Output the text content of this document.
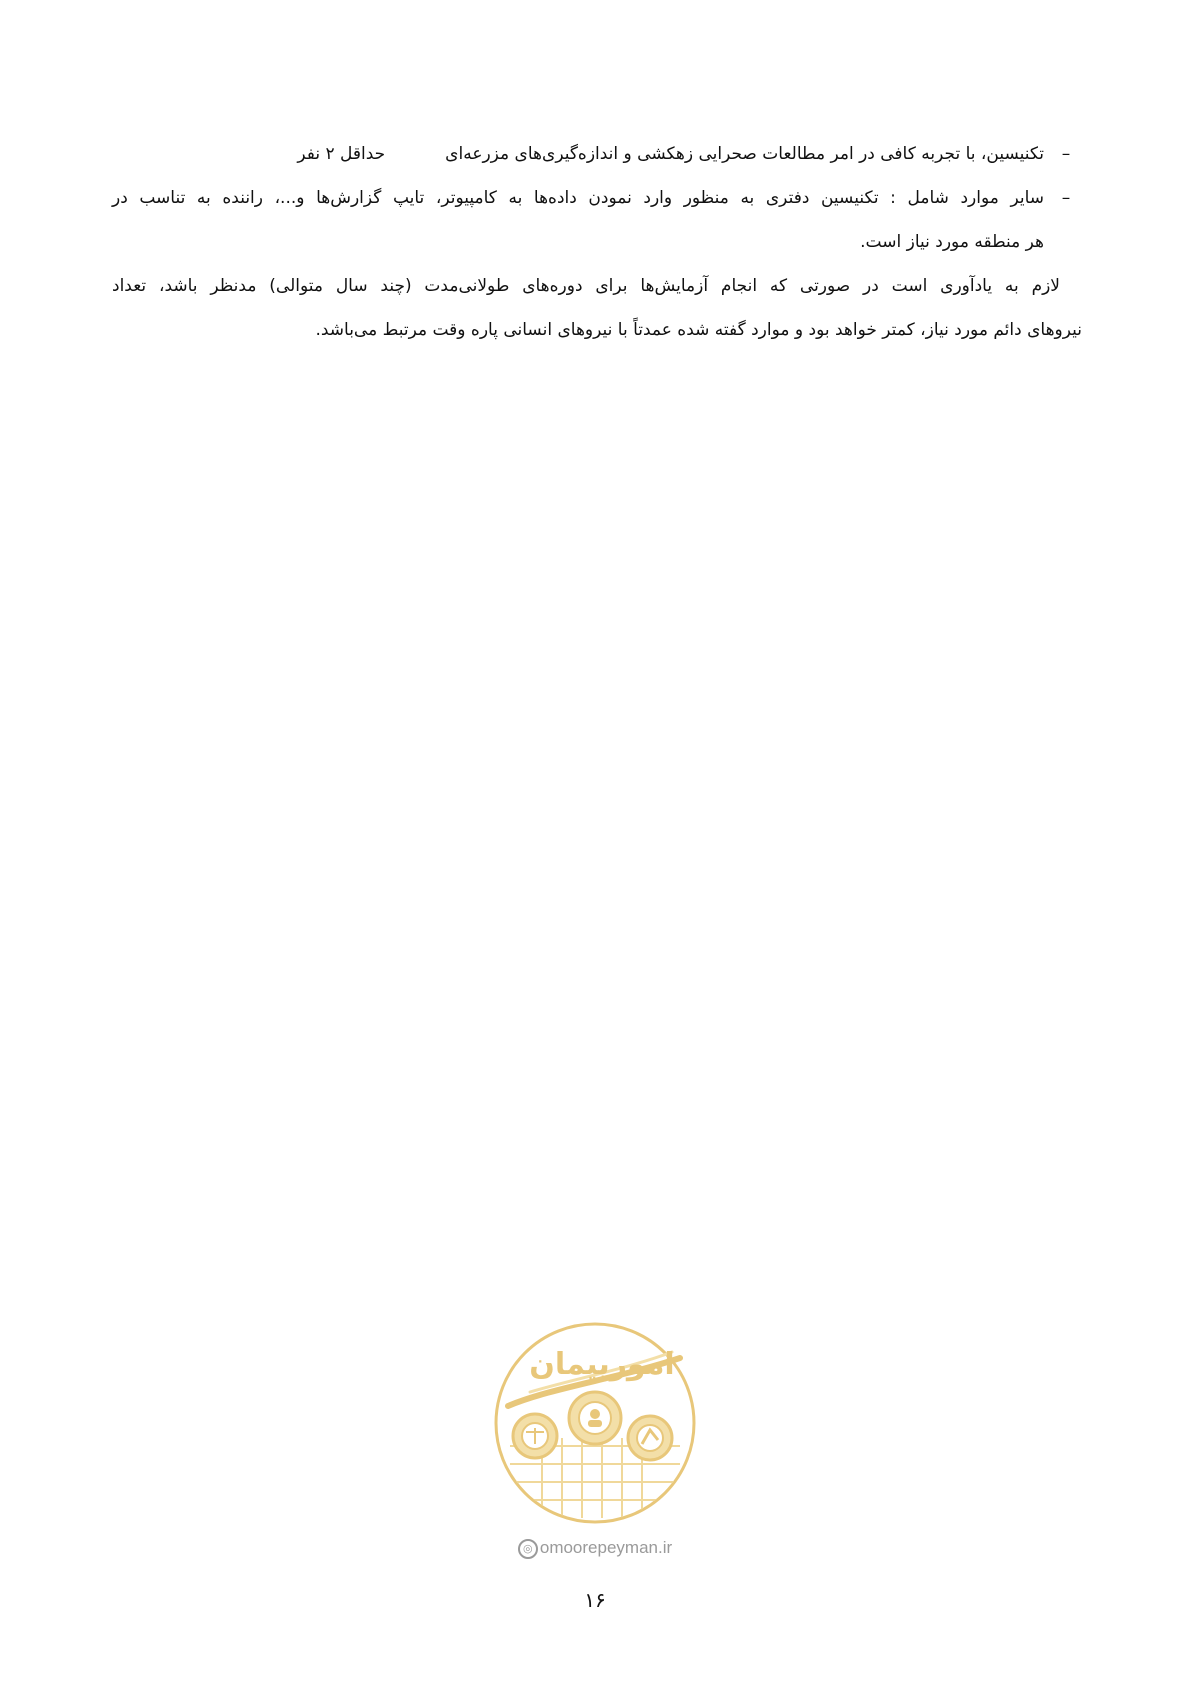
–
تکنیسین، با تجربه کافی در امر مطالعات صحرایی زهکشی و اندازه‌گیری‌های مزرعه‌ایحداقل ۲ نفر
–
سایر موارد شامل : تکنیسین دفتری به منظور وارد نمودن داده‌ها به کامپیوتر، تایپ گزارش‌ها و...، راننده به تناسب در
هر منطقه مورد نیاز است.
لازم به یادآوری است در صورتی که انجام آزمایش‌ها برای دوره‌های طولانی‌مدت (چند سال متوالی) مدنظر باشد، تعداد
نیروهای دائم مورد نیاز، کمتر خواهد بود و موارد گفته شده عمدتاً با نیروهای انسانی پاره وقت مرتبط می‌باشد.
امورپیمان
◎ omoorepeyman.ir
۱۶
